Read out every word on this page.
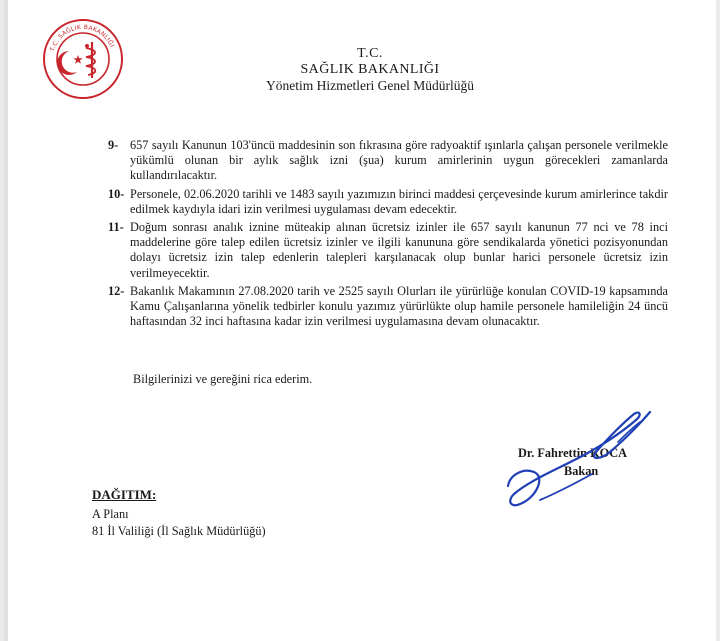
T.C. SAĞLIK BAKANLIĞI	T.C.
SAĞLIK BAKANLIĞI
Yönetim Hizmetleri Genel Müdürlüğü
9- 657 sayılı Kanunun 103'üncü maddesinin son fıkrasına göre radyoaktif ışınlarla çalışan personele verilmekle yükümlü olunan bir aylık sağlık izni (şua) kurum amirlerinin uygun görecekleri zamanlarda kullandırılacaktır.

10- Personele, 02.06.2020 tarihli ve 1483 sayılı yazımızın birinci maddesi çerçevesinde kurum amirlerince takdir edilmek kaydıyla idari izin verilmesi uygulaması devam edecektir.

11- Doğum sonrası analık iznine müteakip alınan ücretsiz izinler ile 657 sayılı kanunun 77 nci ve 78 inci maddelerine göre talep edilen ücretsiz izinler ve ilgili kanununa göre sendikalarda yönetici pozisyonundan dolayı ücretsiz izin talep edenlerin talepleri karşılanacak olup bunlar harici personele ücretsiz izin verilmeyecektir.

12- Bakanlık Makamının 27.08.2020 tarih ve 2525 sayılı Olurları ile yürürlüğe konulan COVID-19 kapsamında Kamu Çalışanlarına yönelik tedbirler konulu yazımız yürürlükte olup hamile personele hamileliğin 24 üncü haftasından 32 inci haftasına kadar izin verilmesi uygulamasına devam olunacaktır.

Bilgilerinizi ve gereğini rica ederim.
Dr. Fahrettin KOCA
Bakan
DAĞITIM:
A Planı
81 İl Valiliği (İl Sağlık Müdürlüğü)
